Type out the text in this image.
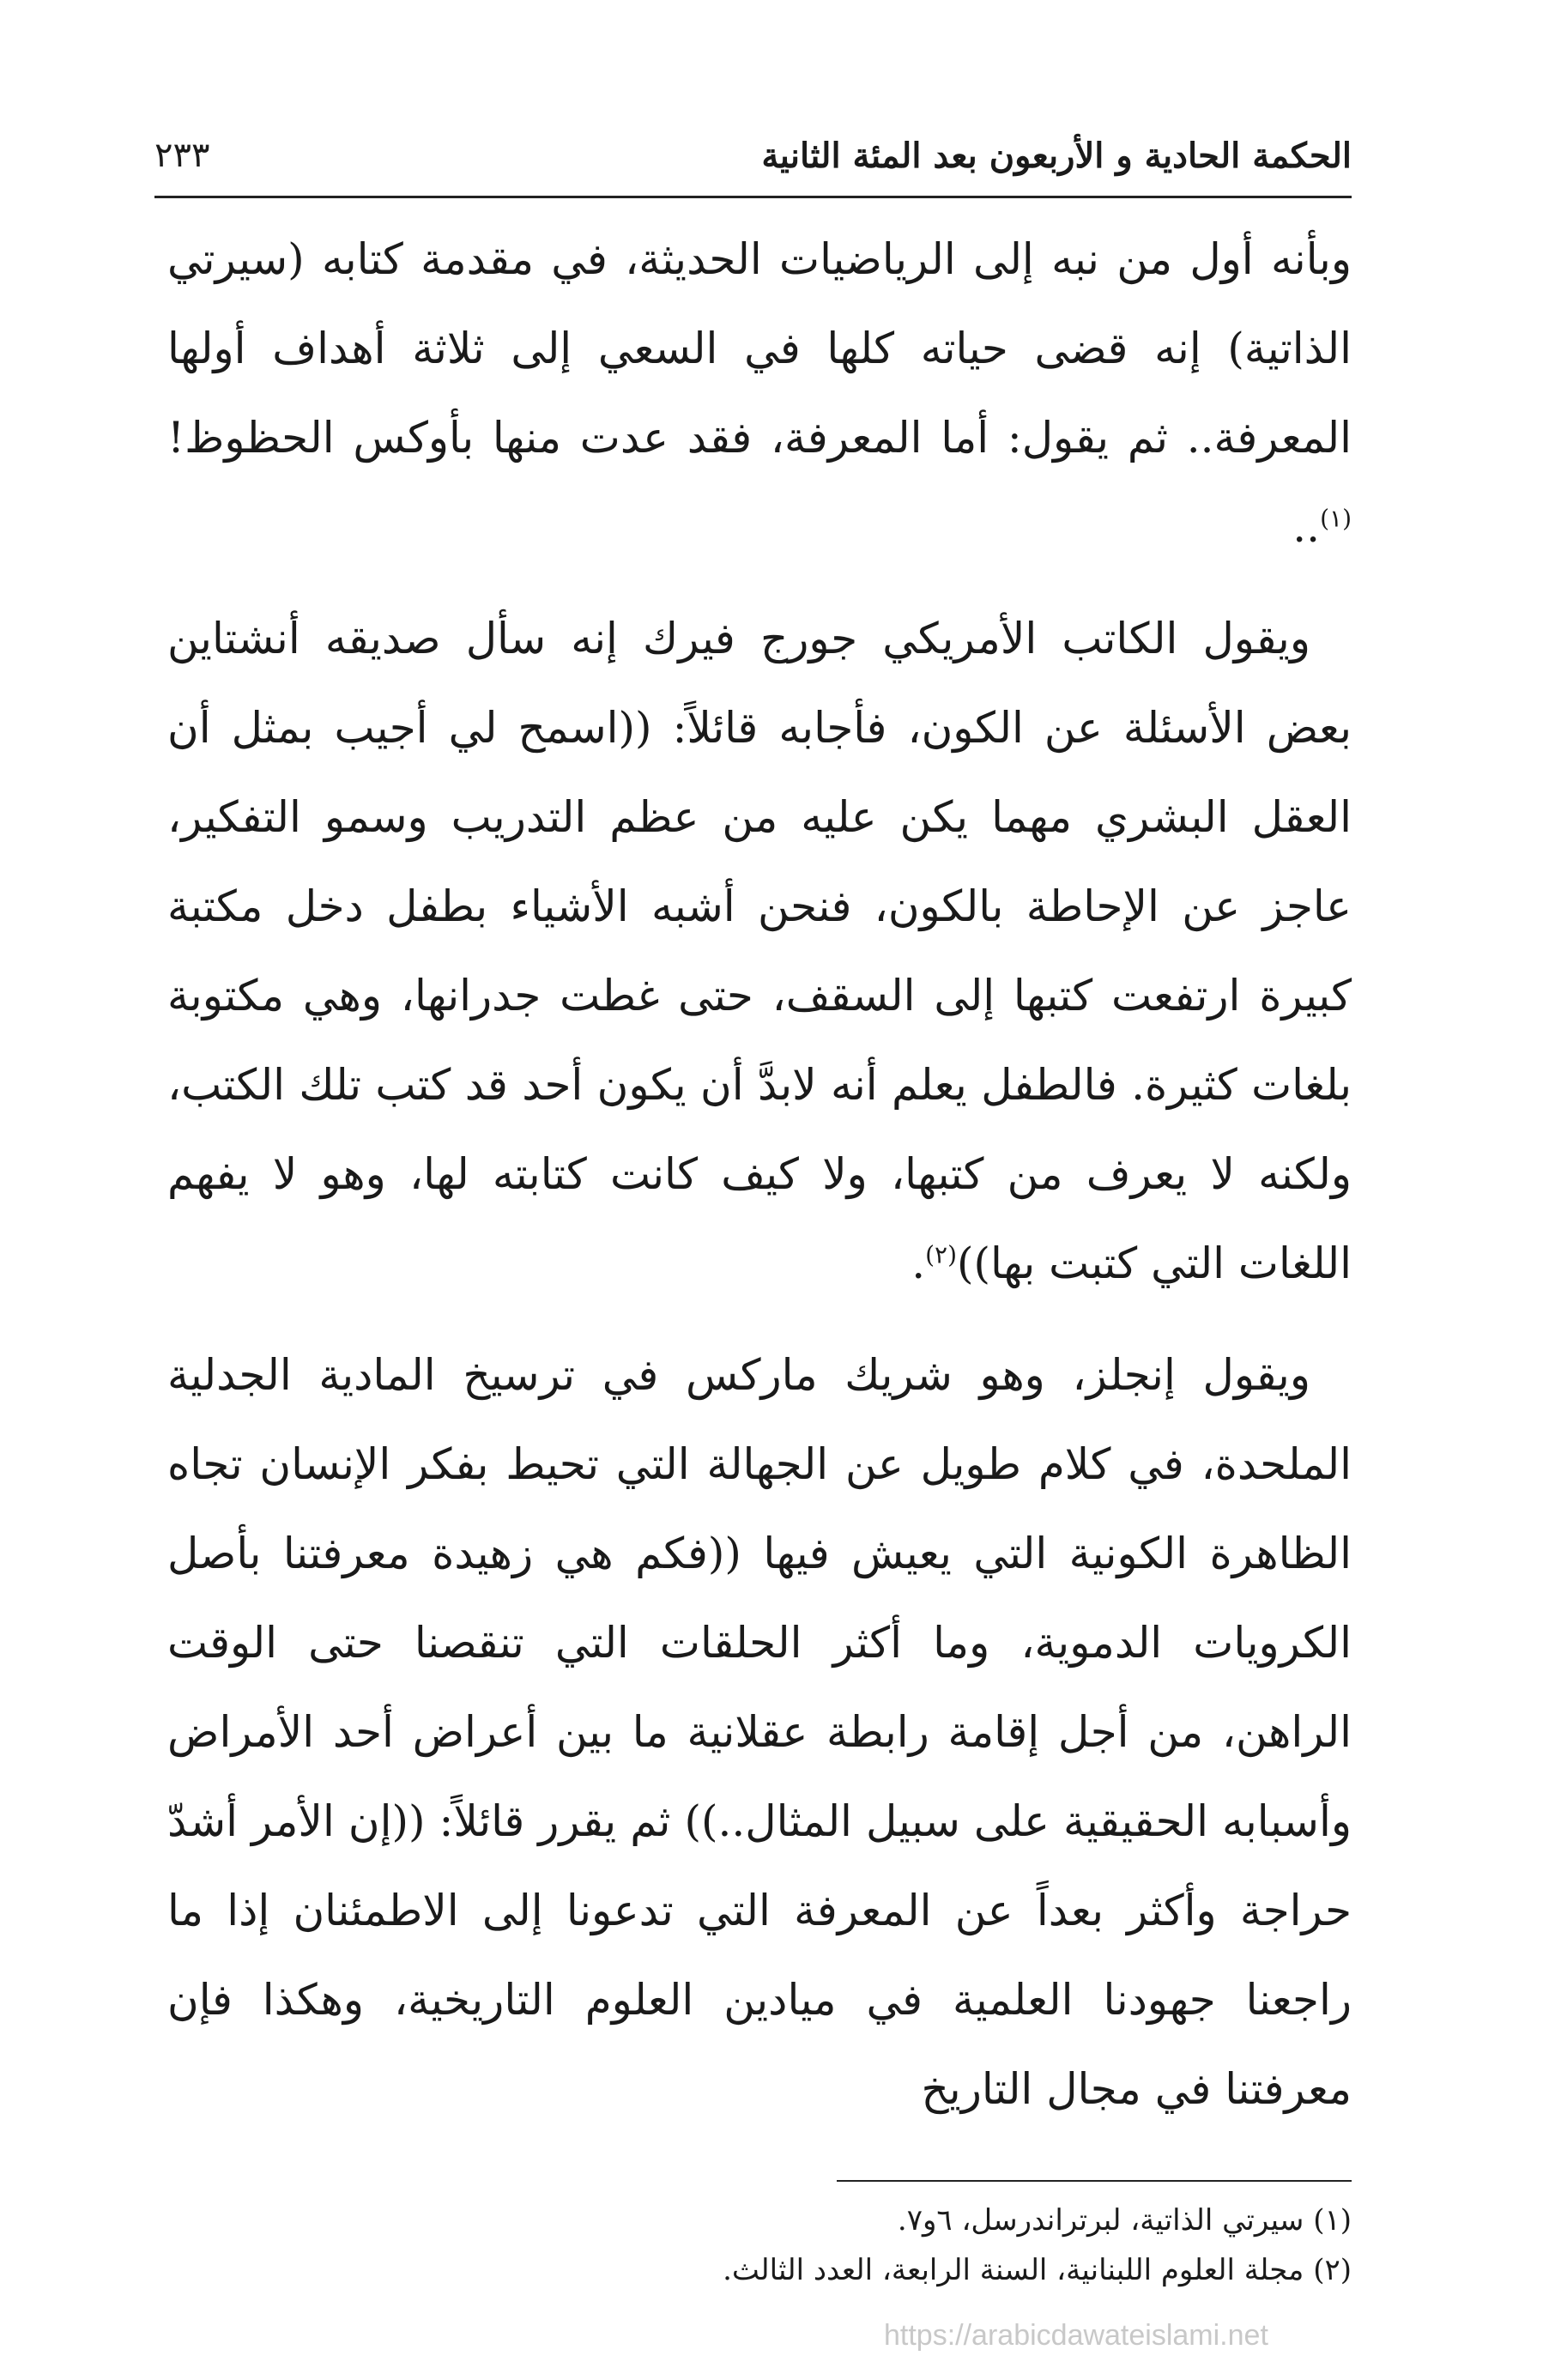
الحكمة الحادية و الأربعون بعد المئة الثانية
٢٣٣

وبأنه أول من نبه إلى الرياضيات الحديثة، في مقدمة كتابه (سيرتي الذاتية) إنه قضى حياته كلها في السعي إلى ثلاثة أهداف أولها المعرفة.. ثم يقول: أما المعرفة، فقد عدت منها بأوكس الحظوظ!$^{(١)}$..

ويقول الكاتب الأمريكي جورج فيرك إنه سأل صديقه أنشتاين بعض الأسئلة عن الكون، فأجابه قائلاً: ((اسمح لي أجيب بمثل أن العقل البشري مهما يكن عليه من عظم التدريب وسمو التفكير، عاجز عن الإحاطة بالكون، فنحن أشبه الأشياء بطفل دخل مكتبة كبيرة ارتفعت كتبها إلى السقف، حتى غطت جدرانها، وهي مكتوبة بلغات كثيرة. فالطفل يعلم أنه لابدَّ أن يكون أحد قد كتب تلك الكتب، ولكنه لا يعرف من كتبها، ولا كيف كانت كتابته لها، وهو لا يفهم اللغات التي كتبت بها))$^{(٢)}$.

ويقول إنجلز، وهو شريك ماركس في ترسيخ المادية الجدلية الملحدة، في كلام طويل عن الجهالة التي تحيط بفكر الإنسان تجاه الظاهرة الكونية التي يعيش فيها ((فكم هي زهيدة معرفتنا بأصل الكرويات الدموية، وما أكثر الحلقات التي تنقصنا حتى الوقت الراهن، من أجل إقامة رابطة عقلانية ما بين أعراض أحد الأمراض وأسبابه الحقيقية على سبيل المثال..)) ثم يقرر قائلاً: ((إن الأمر أشدّ حراجة وأكثر بعداً عن المعرفة التي تدعونا إلى الاطمئنان إذا ما راجعنا جهودنا العلمية في ميادين العلوم التاريخية، وهكذا فإن معرفتنا في مجال التاريخ

(١) سيرتي الذاتية، لبرتراندرسل، ٦و٧.

(٢) مجلة العلوم اللبنانية، السنة الرابعة، العدد الثالث.

https://arabicdawateislami.net
